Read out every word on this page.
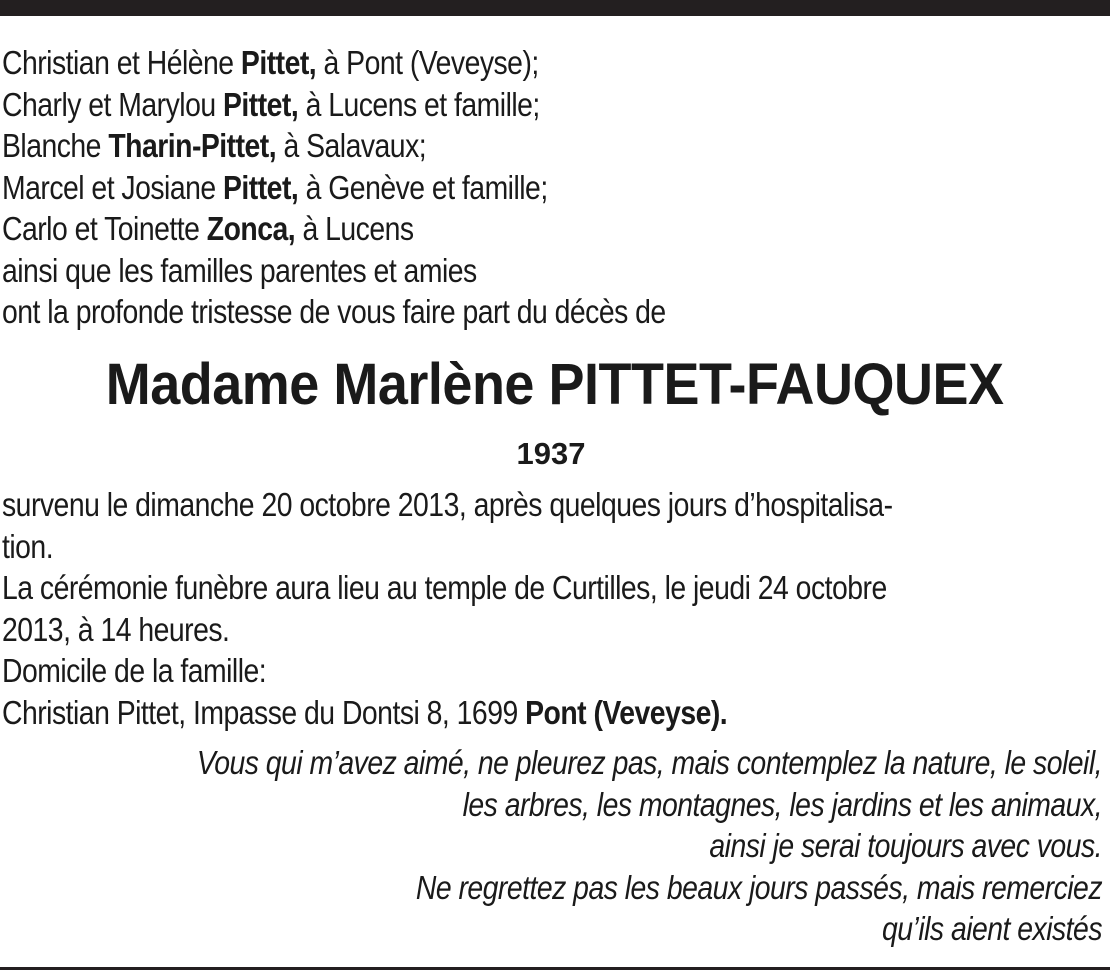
Christian et Hélène Pittet, à Pont (Veveyse);
Charly et Marylou Pittet, à Lucens et famille;
Blanche Tharin-Pittet, à Salavaux;
Marcel et Josiane Pittet, à Genève et famille;
Carlo et Toinette Zonca, à Lucens
ainsi que les familles parentes et amies
ont la profonde tristesse de vous faire part du décès de
Madame Marlène PITTET-FAUQUEX
1937
survenu le dimanche 20 octobre 2013, après quelques jours d’hospitalisa-
tion.
La cérémonie funèbre aura lieu au temple de Curtilles, le jeudi 24 octobre
2013, à 14 heures.
Domicile de la famille:
Christian Pittet, Impasse du Dontsi 8, 1699 Pont (Veveyse).
Vous qui m’avez aimé, ne pleurez pas, mais contemplez la nature, le soleil,
les arbres, les montagnes, les jardins et les animaux,
ainsi je serai toujours avec vous.
Ne regrettez pas les beaux jours passés, mais remerciez
qu’ils aient existés
